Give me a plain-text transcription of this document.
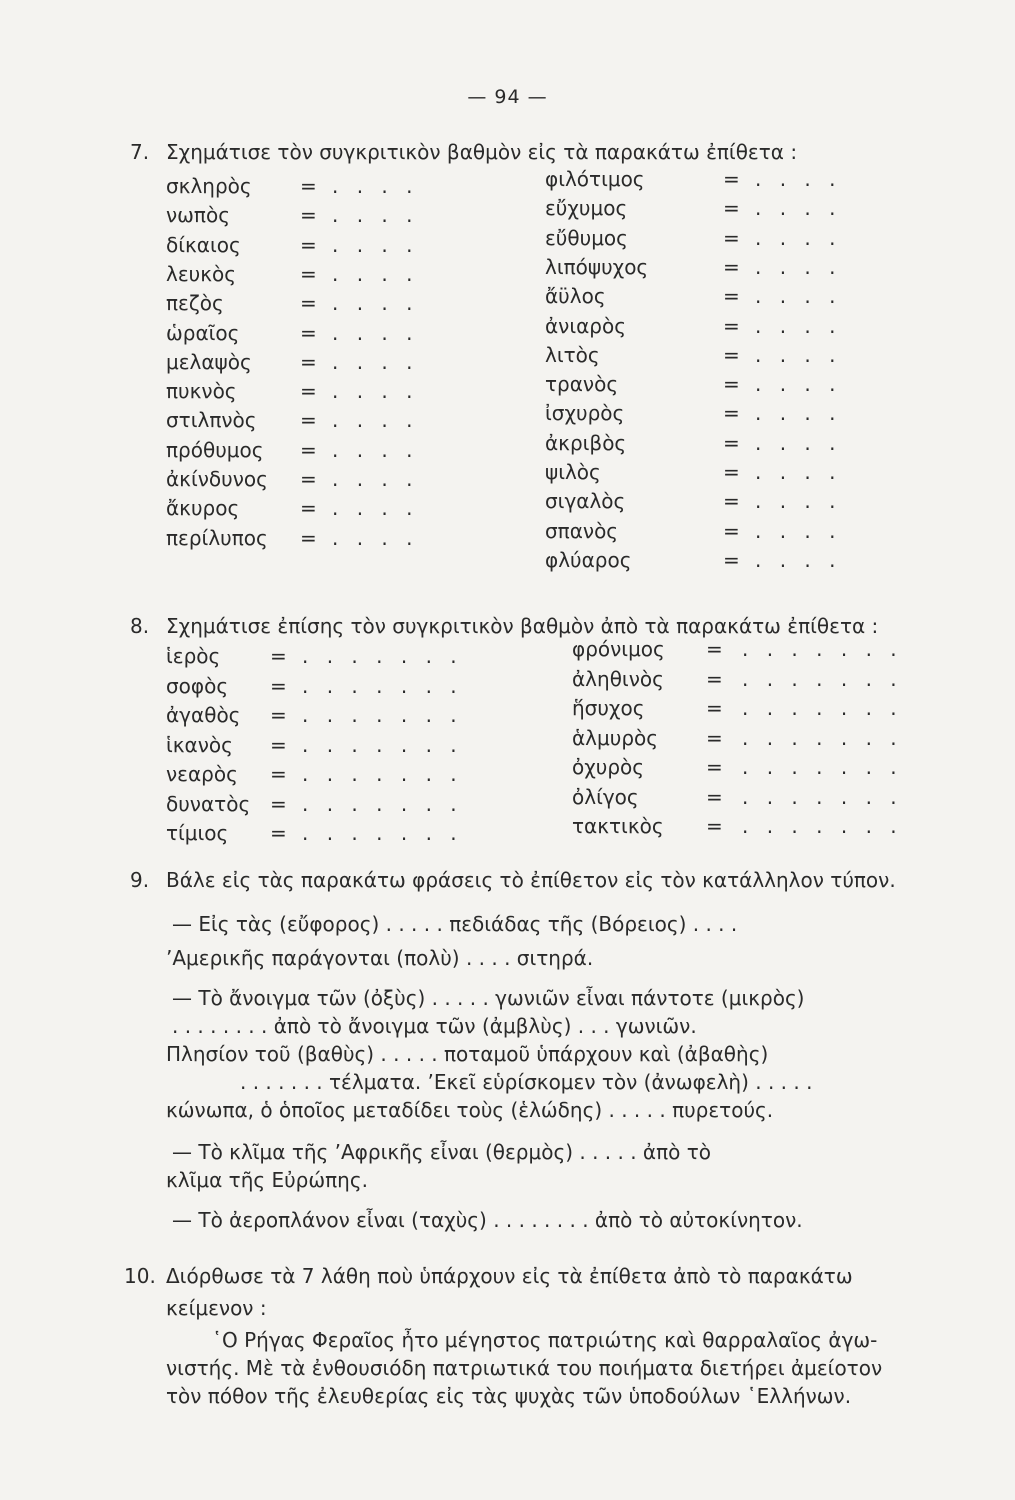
— 94 —
7. Σχημάτισε τὸν συγκριτικὸν βαθμὸν εἰς τὰ παρακάτω ἐπίθετα :
σκληρὸς = . . . .
νωπὸς	= . . . .
δίκαιος	= . . . .
λευκὸς	= . . . .
πεζὸς	= . . . .
ὡραῖος	= . . . .
μελαψὸς = . . . .
πυκνὸς	= . . . .
στιλπνὸς = . . . .
πρόθυμος = . . . .
ἀκίνδυνος = . . . .
ἄκυρος	= . . . .
περίλυπος = . . . .
φιλότιμος	= . . . .
εὔχυμος	= . . . .
εὔθυμος	= . . . .
λιπόψυχος	= . . . .
ἄϋλος	= . . . .
ἀνιαρὸς	= . . . .
λιτὸς	= . . . .
τρανὸς	= . . . .
ἰσχυρὸς	= . . . .
ἀκριβὸς	= . . . .
ψιλὸς	= . . . .
σιγαλὸς	= . . . .
σπανὸς	= . . . .
φλύαρος	= . . . .
8. Σχημάτισε ἐπίσης τὸν συγκριτικὸν βαθμὸν ἀπὸ τὰ παρακάτω ἐπίθετα :
ἱερὸς = . . . . . . .
σοφὸς = . . . . . . .
ἀγαθὸς = . . . . . . .
ἱκανὸς = . . . . . . .
νεαρὸς = . . . . . . .
δυνατὸς = . . . . . . .
τίμιος = . . . . . . .
φρόνιμος = . . . . . . .
ἀληθινὸς = . . . . . . .
ἥσυχος	= . . . . . . .
ἁλμυρὸς = . . . . . . .
ὀχυρὸς	= . . . . . . .
ὀλίγος	= . . . . . . .
τακτικὸς = . . . . . . .
9. Βάλε εἰς τὰς παρακάτω φράσεις τὸ ἐπίθετον εἰς τὸν κατάλληλον τύπον.
— Εἰς τὰς (εὔφορος) . . . . . πεδιάδας τῆς (Βόρειος) . . . .
’Αμερικῆς παράγονται (πολὺ) . . . . σιτηρά.
— Τὸ ἄνοιγμα τῶν (ὀξὺς) . . . . . γωνιῶν εἶναι πάντοτε (μικρὸς)
. . . . . . . . ἀπὸ τὸ ἄνοιγμα τῶν (ἀμβλὺς) . . . γωνιῶν.
Πλησίον τοῦ (βαθὺς) . . . . . ποταμοῦ ὑπάρχουν καὶ (ἀβαθὴς)
. . . . . . . τέλματα. ’Εκεῖ εὑρίσκομεν τὸν (ἀνωφελὴ) . . . . .
κώνωπα, ὁ ὁποῖος μεταδίδει τοὺς (ἑλώδης) . . . . . πυρετούς.
— Τὸ κλῖμα τῆς ’Αφρικῆς εἶναι (θερμὸς) . . . . . ἀπὸ τὸ
κλῖμα τῆς Εὐρώπης.
— Τὸ ἀεροπλάνον εἶναι (ταχὺς) . . . . . . . . ἀπὸ τὸ αὐτοκίνητον.
10. Διόρθωσε τὰ 7 λάθη ποὺ ὑπάρχουν εἰς τὰ ἐπίθετα ἀπὸ τὸ παρακάτω
κείμενον :
῾Ο Ρήγας Φεραῖος ἦτο μέγηστος πατριώτης καὶ θαρραλαῖος ἀγω-
νιστής. Μὲ τὰ ἐνθουσιόδη πατριωτικά του ποιήματα διετήρει ἀμείοτον
τὸν πόθον τῆς ἐλευθερίας εἰς τὰς ψυχὰς τῶν ὑποδούλων ῾Ελλήνων.
